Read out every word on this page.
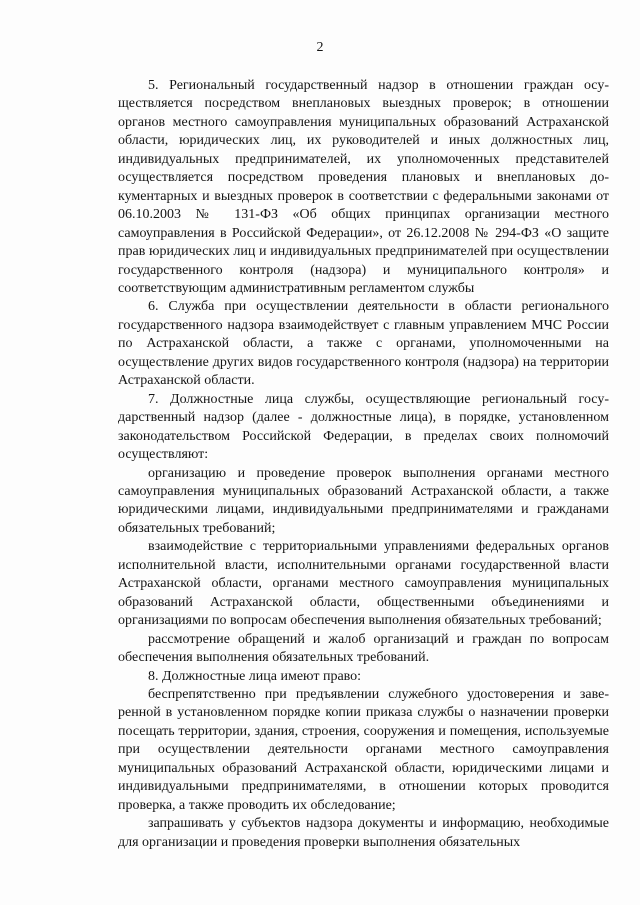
2

5. Региональный государственный надзор в отношении граждан осуществляется посредством внеплановых выездных проверок; в отношении органов местного самоуправления муниципальных образований Астраханской области, юридических лиц, их руководителей и иных должностных лиц, индивидуальных предпринимателей, их уполномоченных представителей осуществляется посредством проведения плановых и внеплановых документарных и выездных проверок в соответствии с федеральными законами от 06.10.2003 № 131-ФЗ «Об общих принципах организации местного самоуправления в Российской Федерации», от 26.12.2008 № 294-ФЗ «О защите прав юридических лиц и индивидуальных предпринимателей при осуществлении государственного контроля (надзора) и муниципального контроля» и соответствующим административным регламентом службы

6. Служба при осуществлении деятельности в области регионального государственного надзора взаимодействует с главным управлением МЧС России по Астраханской области, а также с органами, уполномоченными на осуществление других видов государственного контроля (надзора) на территории Астраханской области.

7. Должностные лица службы, осуществляющие региональный государственный надзор (далее - должностные лица), в порядке, установленном законодательством Российской Федерации, в пределах своих полномочий осуществляют:

организацию и проведение проверок выполнения органами местного самоуправления муниципальных образований Астраханской области, а также юридическими лицами, индивидуальными предпринимателями и гражданами обязательных требований;

взаимодействие с территориальными управлениями федеральных органов исполнительной власти, исполнительными органами государственной власти Астраханской области, органами местного самоуправления муниципальных образований Астраханской области, общественными объединениями и организациями по вопросам обеспечения выполнения обязательных требований;

рассмотрение обращений и жалоб организаций и граждан по вопросам обеспечения выполнения обязательных требований.

8. Должностные лица имеют право:

беспрепятственно при предъявлении служебного удостоверения и заверенной в установленном порядке копии приказа службы о назначении проверки посещать территории, здания, строения, сооружения и помещения, используемые при осуществлении деятельности органами местного самоуправления муниципальных образований Астраханской области, юридическими лицами и индивидуальными предпринимателями, в отношении которых проводится проверка, а также проводить их обследование;

запрашивать у субъектов надзора документы и информацию, необходимые для организации и проведения проверки выполнения обязательных
